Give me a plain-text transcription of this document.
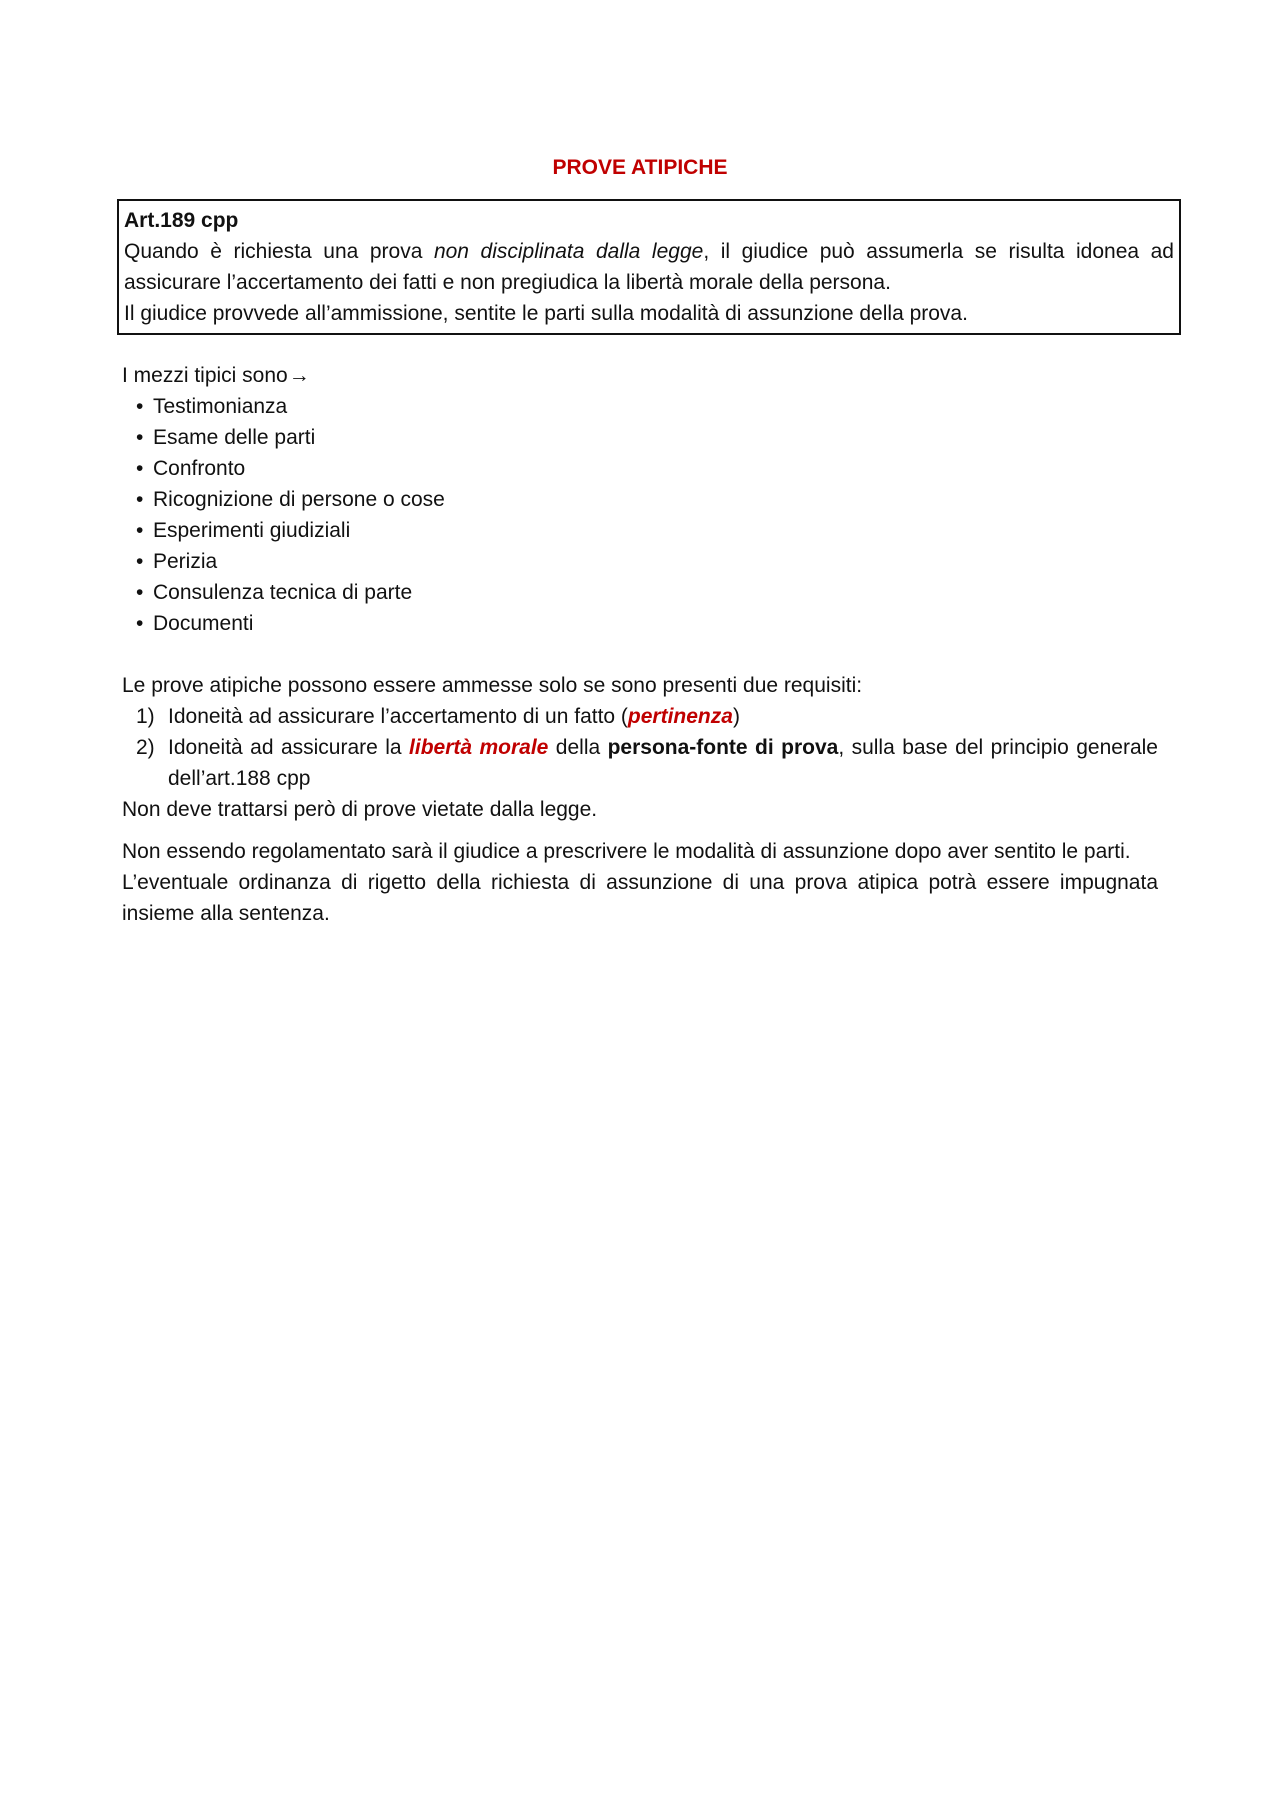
PROVE ATIPICHE

Art.189 cpp

Quando è richiesta una prova non disciplinata dalla legge, il giudice può assumerla se risulta idonea ad assicurare l’accertamento dei fatti e non pregiudica la libertà morale della persona.

Il giudice provvede all’ammissione, sentite le parti sulla modalità di assunzione della prova.

I mezzi tipici sono→

• Testimonianza
• Esame delle parti
• Confronto
• Ricognizione di persone o cose
• Esperimenti giudiziali
• Perizia
• Consulenza tecnica di parte
• Documenti

Le prove atipiche possono essere ammesse solo se sono presenti due requisiti:

1) Idoneità ad assicurare l’accertamento di un fatto (pertinenza)
2) Idoneità ad assicurare la libertà morale della persona-fonte di prova, sulla base del principio generale dell’art.188 cpp

Non deve trattarsi però di prove vietate dalla legge.

Non essendo regolamentato sarà il giudice a prescrivere le modalità di assunzione dopo aver sentito le parti.

L’eventuale ordinanza di rigetto della richiesta di assunzione di una prova atipica potrà essere impugnata insieme alla sentenza.
